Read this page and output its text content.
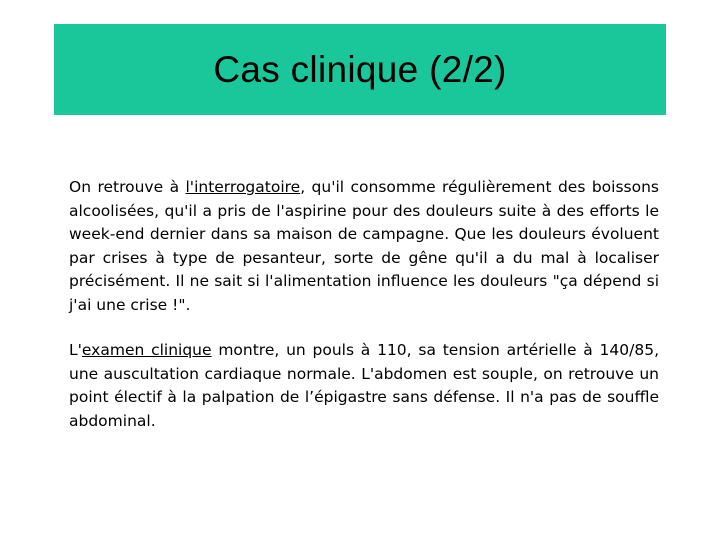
Cas clinique (2/2)

On retrouve à l'interrogatoire, qu'il consomme régulièrement des boissons alcoolisées, qu'il a pris de l'aspirine pour des douleurs suite à des efforts le week-end dernier dans sa maison de campagne. Que les douleurs évoluent par crises à type de pesanteur, sorte de gêne qu'il a du mal à localiser précisément. Il ne sait si l'alimentation influence les douleurs "ça dépend si j'ai une crise !".

L'examen clinique montre, un pouls à 110, sa tension artérielle à 140/85, une auscultation cardiaque normale. L'abdomen est souple, on retrouve un point électif à la palpation de l’épigastre sans défense. Il n'a pas de souffle abdominal.
